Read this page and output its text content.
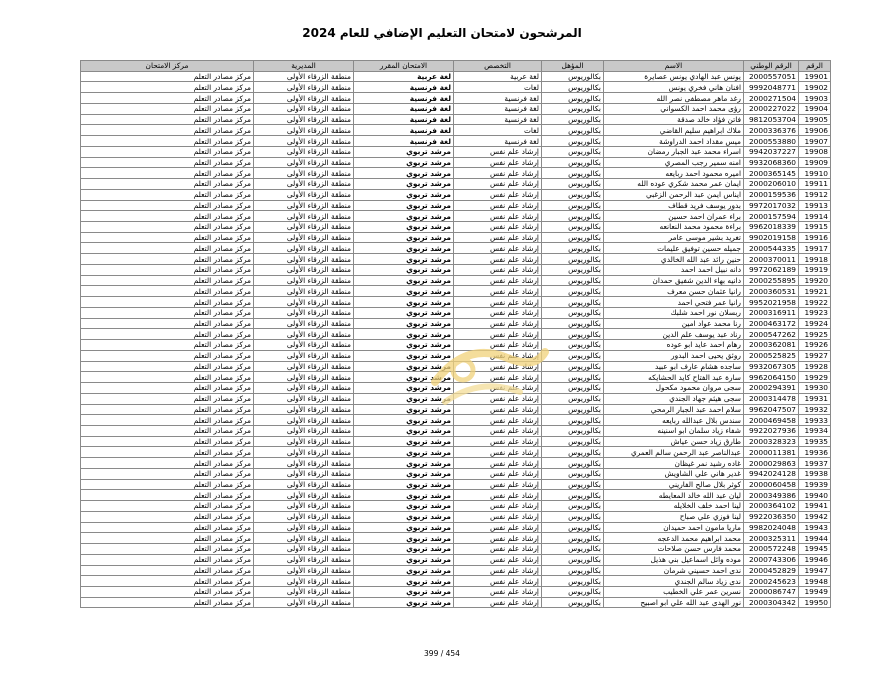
المرشحون لامتحان التعليم الإضافي للعام 2024
الرقم	الرقم الوطني	الاسم	المؤهل	التخصص	الامتحان المقرر	المديرية	مركز الامتحان
19901	2000557051	يونس عبد الهادي يونس عصايرة	بكالوريوس	لغة عربية	لغة عربية	منطقة الزرقاء الأولى	مركز مصادر التعلم
19902	9992048771	افنان هاني فخري يونس	بكالوريوس	لغات	لغة فرنسية	منطقة الزرقاء الأولى	مركز مصادر التعلم
19903	2000271504	رغد ماهر مصطفى نصر الله	بكالوريوس	لغة فرنسية	لغة فرنسية	منطقة الزرقاء الأولى	مركز مصادر التعلم
19904	2000227022	رؤى محمد احمد الكسواني	بكالوريوس	لغة فرنسية	لغة فرنسية	منطقة الزرقاء الأولى	مركز مصادر التعلم
19905	9812053704	فاتن فؤاد خالد صدقة	بكالوريوس	لغة فرنسية	لغة فرنسية	منطقة الزرقاء الأولى	مركز مصادر التعلم
19906	2000336376	ملاك ابراهيم سليم القاضي	بكالوريوس	لغات	لغة فرنسية	منطقة الزرقاء الأولى	مركز مصادر التعلم
19907	2000553880	ميس مقداد احمد الدراوشة	بكالوريوس	لغة فرنسية	لغة فرنسية	منطقة الزرقاء الأولى	مركز مصادر التعلم
19908	9942037227	اسراء محمد عبد الجبار رمضان	بكالوريوس	إرشاد علم نفس	مرشد تربوي	منطقة الزرقاء الأولى	مركز مصادر التعلم
19909	9932068360	امنه سمير رجب المصري	بكالوريوس	إرشاد علم نفس	مرشد تربوي	منطقة الزرقاء الأولى	مركز مصادر التعلم
19910	2000365145	اميره محمود احمد ربايعه	بكالوريوس	إرشاد علم نفس	مرشد تربوي	منطقة الزرقاء الأولى	مركز مصادر التعلم
19911	2000206010	ايمان عمر محمد شكري عوده الله	بكالوريوس	إرشاد علم نفس	مرشد تربوي	منطقة الزرقاء الأولى	مركز مصادر التعلم
19912	2000159536	ايناس ايمن عبد الرحمن الزغبي	بكالوريوس	إرشاد علم نفس	مرشد تربوي	منطقة الزرقاء الأولى	مركز مصادر التعلم
19913	9972017032	بدور يوسف فريد قطاف	بكالوريوس	إرشاد علم نفس	مرشد تربوي	منطقة الزرقاء الأولى	مركز مصادر التعلم
19914	2000157594	براء عمران احمد حسين	بكالوريوس	إرشاد علم نفس	مرشد تربوي	منطقة الزرقاء الأولى	مركز مصادر التعلم
19915	9962018339	براءة محمود محمد النعانعه	بكالوريوس	إرشاد علم نفس	مرشد تربوي	منطقة الزرقاء الأولى	مركز مصادر التعلم
19916	9902019158	تغريد بشير موسى عامر	بكالوريوس	إرشاد علم نفس	مرشد تربوي	منطقة الزرقاء الأولى	مركز مصادر التعلم
19917	2000544335	جميله حسين توفيق عليمات	بكالوريوس	إرشاد علم نفس	مرشد تربوي	منطقة الزرقاء الأولى	مركز مصادر التعلم
19918	2000370011	حنين رائد عبد الله الخالدي	بكالوريوس	إرشاد علم نفس	مرشد تربوي	منطقة الزرقاء الأولى	مركز مصادر التعلم
19919	9972062189	دانه نبيل احمد احمد	بكالوريوس	إرشاد علم نفس	مرشد تربوي	منطقة الزرقاء الأولى	مركز مصادر التعلم
19920	2000255895	دانيه بهاء الدين شفيق حمدان	بكالوريوس	إرشاد علم نفس	مرشد تربوي	منطقة الزرقاء الأولى	مركز مصادر التعلم
19921	2000360531	رانيا عثمان حسن معرف	بكالوريوس	إرشاد علم نفس	مرشد تربوي	منطقة الزرقاء الأولى	مركز مصادر التعلم
19922	9952021958	رانيا عمر فتحي احمد	بكالوريوس	إرشاد علم نفس	مرشد تربوي	منطقة الزرقاء الأولى	مركز مصادر التعلم
19923	2000316911	ربسلان نور احمد شلبك	بكالوريوس	إرشاد علم نفس	مرشد تربوي	منطقة الزرقاء الأولى	مركز مصادر التعلم
19924	2000463172	رنا محمد عواد امين	بكالوريوس	إرشاد علم نفس	مرشد تربوي	منطقة الزرقاء الأولى	مركز مصادر التعلم
19925	2000547262	رناد عبد يوسف علم الدين	بكالوريوس	إرشاد علم نفس	مرشد تربوي	منطقة الزرقاء الأولى	مركز مصادر التعلم
19926	2000362081	رهام احمد عايد ابو عوده	بكالوريوس	إرشاد علم نفس	مرشد تربوي	منطقة الزرقاء الأولى	مركز مصادر التعلم
19927	2000525825	روئق يحيى احمد البدور	بكالوريوس	إرشاد علم نفس	مرشد تربوي	منطقة الزرقاء الأولى	مركز مصادر التعلم
19928	9932067305	ساجده هشام عارف ابو عبيد	بكالوريوس	إرشاد علم نفس	مرشد تربوي	منطقة الزرقاء الأولى	مركز مصادر التعلم
19929	9962064150	سارة عبد الفتاح كايد الحشايكه	بكالوريوس	إرشاد علم نفس	مرشد تربوي	منطقة الزرقاء الأولى	مركز مصادر التعلم
19930	2000294391	سجى مروان محمود مكحول	بكالوريوس	إرشاد علم نفس	مرشد تربوي	منطقة الزرقاء الأولى	مركز مصادر التعلم
19931	2000314478	سجى هيثم جهاد الجندي	بكالوريوس	إرشاد علم نفس	مرشد تربوي	منطقة الزرقاء الأولى	مركز مصادر التعلم
19932	9962047507	سلام احمد عبد الجبار الرمحي	بكالوريوس	إرشاد علم نفس	مرشد تربوي	منطقة الزرقاء الأولى	مركز مصادر التعلم
19933	2000469458	سندس بلال عبدالله ربايعه	بكالوريوس	إرشاد علم نفس	مرشد تربوي	منطقة الزرقاء الأولى	مركز مصادر التعلم
19934	9922027936	شفاء زياد سلمان ابو اسنينه	بكالوريوس	إرشاد علم نفس	مرشد تربوي	منطقة الزرقاء الأولى	مركز مصادر التعلم
19935	2000328323	طارق زياد حسن عياش	بكالوريوس	إرشاد علم نفس	مرشد تربوي	منطقة الزرقاء الأولى	مركز مصادر التعلم
19936	2000011381	عبدالناصر عبد الرحمن سالم العمري	بكالوريوس	إرشاد علم نفس	مرشد تربوي	منطقة الزرقاء الأولى	مركز مصادر التعلم
19937	2000029863	غاده رشيد نمر غيظان	بكالوريوس	إرشاد علم نفس	مرشد تربوي	منطقة الزرقاء الأولى	مركز مصادر التعلم
19938	9942024128	غدير هاني علي الشاويش	بكالوريوس	إرشاد علم نفس	مرشد تربوي	منطقة الزرقاء الأولى	مركز مصادر التعلم
19939	2000060458	كوثر بلال صالح الفاريني	بكالوريوس	إرشاد علم نفس	مرشد تربوي	منطقة الزرقاء الأولى	مركز مصادر التعلم
19940	2000349386	ليان عبد الله خالد المعايطه	بكالوريوس	إرشاد علم نفس	مرشد تربوي	منطقة الزرقاء الأولى	مركز مصادر التعلم
19941	2000364102	لينا احمد خلف الخلايله	بكالوريوس	إرشاد علم نفس	مرشد تربوي	منطقة الزرقاء الأولى	مركز مصادر التعلم
19942	9922036350	لينا فوزي علي صباح	بكالوريوس	إرشاد علم نفس	مرشد تربوي	منطقة الزرقاء الأولى	مركز مصادر التعلم
19943	9982024048	ماريا مامون احمد حميدان	بكالوريوس	إرشاد علم نفس	مرشد تربوي	منطقة الزرقاء الأولى	مركز مصادر التعلم
19944	2000325311	محمد ابراهيم محمد الدعجه	بكالوريوس	إرشاد علم نفس	مرشد تربوي	منطقة الزرقاء الأولى	مركز مصادر التعلم
19945	2000572248	محمد فارس حسن صلاحات	بكالوريوس	إرشاد علم نفس	مرشد تربوي	منطقة الزرقاء الأولى	مركز مصادر التعلم
19946	2000743306	موده وائل اسماعيل بني هذيل	بكالوريوس	إرشاد علم نفس	مرشد تربوي	منطقة الزرقاء الأولى	مركز مصادر التعلم
19947	2000452829	ندى احمد حسيني شرمان	بكالوريوس	إرشاد علم نفس	مرشد تربوي	منطقة الزرقاء الأولى	مركز مصادر التعلم
19948	2000245623	ندى زياد سالم الجندي	بكالوريوس	إرشاد علم نفس	مرشد تربوي	منطقة الزرقاء الأولى	مركز مصادر التعلم
19949	2000086747	نسرين عمر علي الخطيب	بكالوريوس	إرشاد علم نفس	مرشد تربوي	منطقة الزرقاء الأولى	مركز مصادر التعلم
19950	2000304342	نور الهدى عبد الله علي ابو اصبيح	بكالوريوس	إرشاد علم نفس	مرشد تربوي	منطقة الزرقاء الأولى	مركز مصادر التعلم
399 / 454
